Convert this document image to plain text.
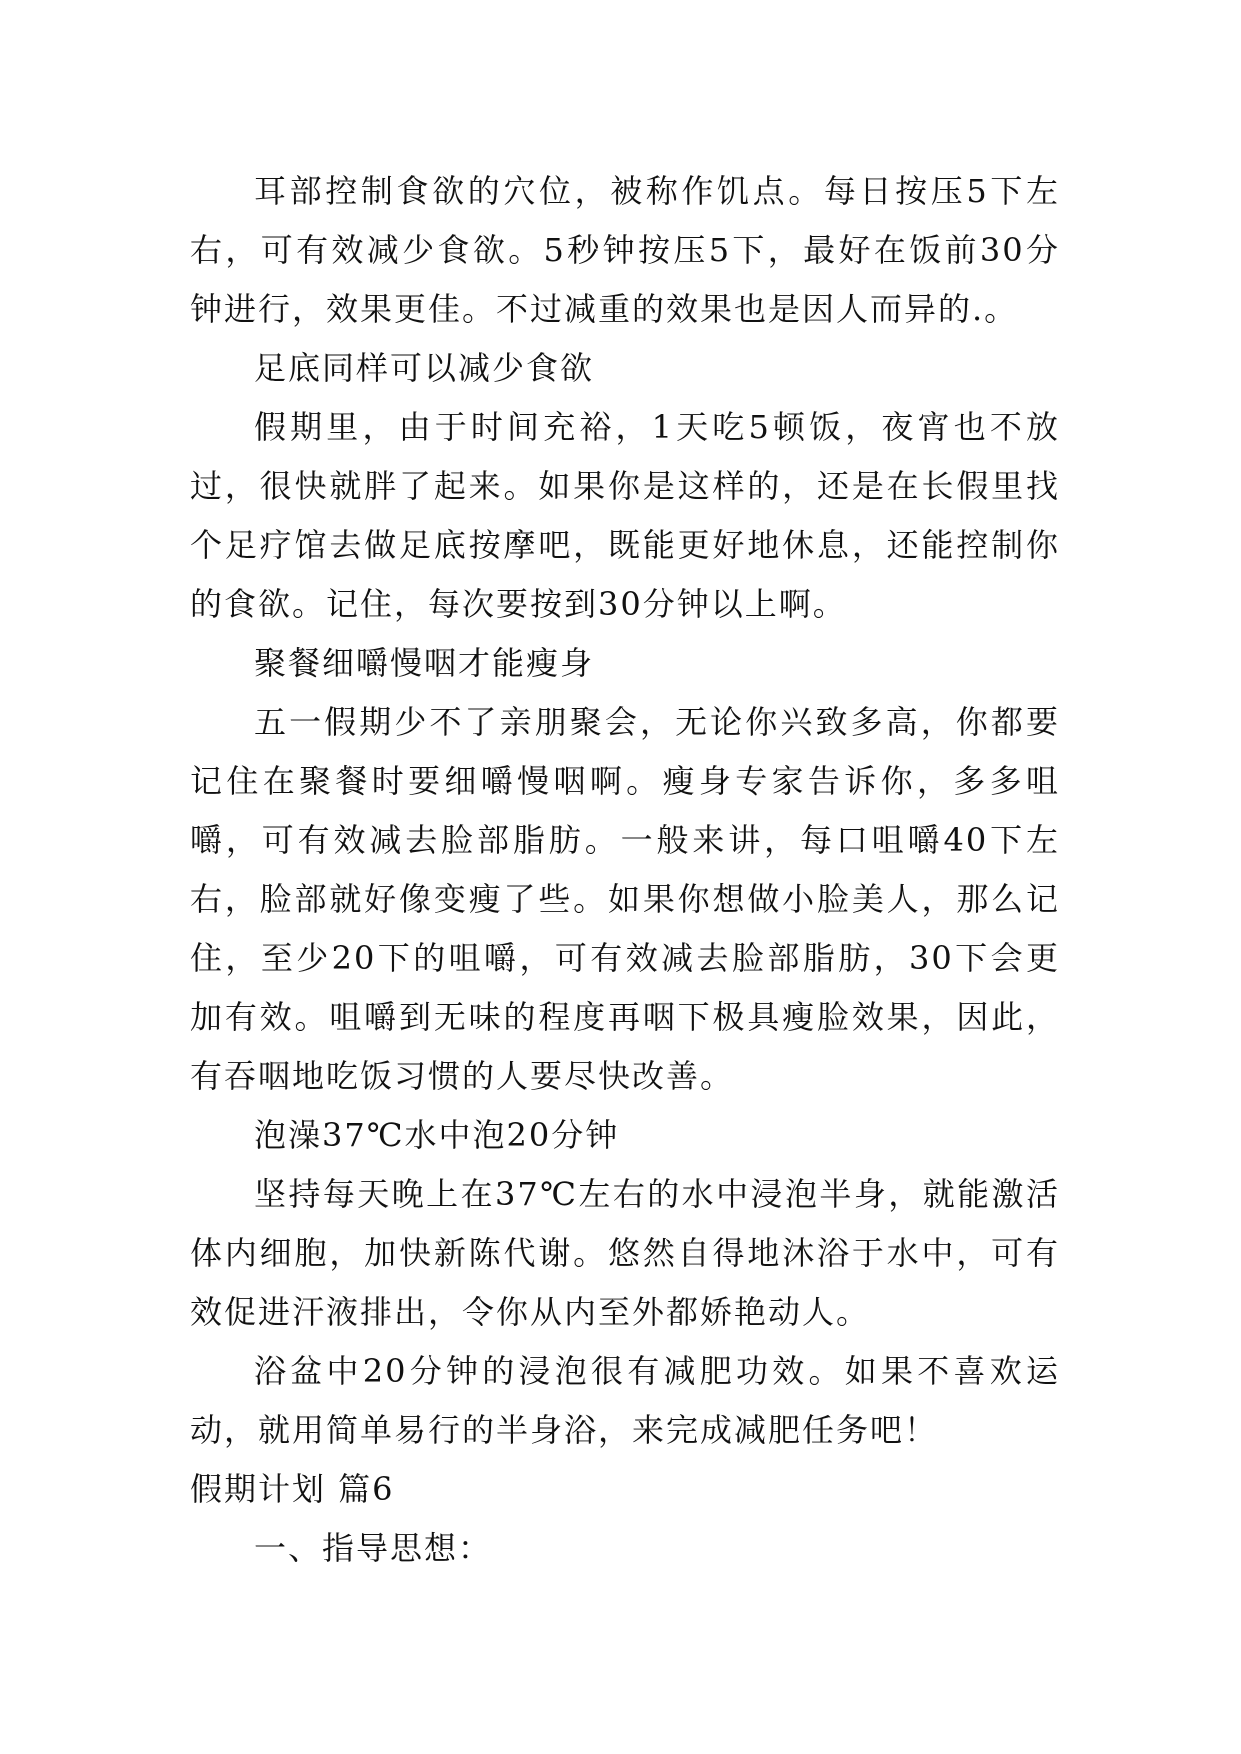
耳部控制食欲的穴位，被称作饥点。每日按压5下左右，可有效减少食欲。5秒钟按压5下，最好在饭前30分钟进行，效果更佳。不过减重的效果也是因人而异的.。

足底同样可以减少食欲

假期里，由于时间充裕，1天吃5顿饭，夜宵也不放过，很快就胖了起来。如果你是这样的，还是在长假里找个足疗馆去做足底按摩吧，既能更好地休息，还能控制你的食欲。记住，每次要按到30分钟以上啊。

聚餐细嚼慢咽才能瘦身

五一假期少不了亲朋聚会，无论你兴致多高，你都要记住在聚餐时要细嚼慢咽啊。瘦身专家告诉你，多多咀嚼，可有效减去脸部脂肪。一般来讲，每口咀嚼40下左右，脸部就好像变瘦了些。如果你想做小脸美人，那么记住，至少20下的咀嚼，可有效减去脸部脂肪，30下会更加有效。咀嚼到无味的程度再咽下极具瘦脸效果，因此，有吞咽地吃饭习惯的人要尽快改善。

泡澡37℃水中泡20分钟

坚持每天晚上在37℃左右的水中浸泡半身，就能激活体内细胞，加快新陈代谢。悠然自得地沐浴于水中，可有效促进汗液排出，令你从内至外都娇艳动人。

浴盆中20分钟的浸泡很有减肥功效。如果不喜欢运动，就用简单易行的半身浴，来完成减肥任务吧！

假期计划 篇6

一、指导思想：
